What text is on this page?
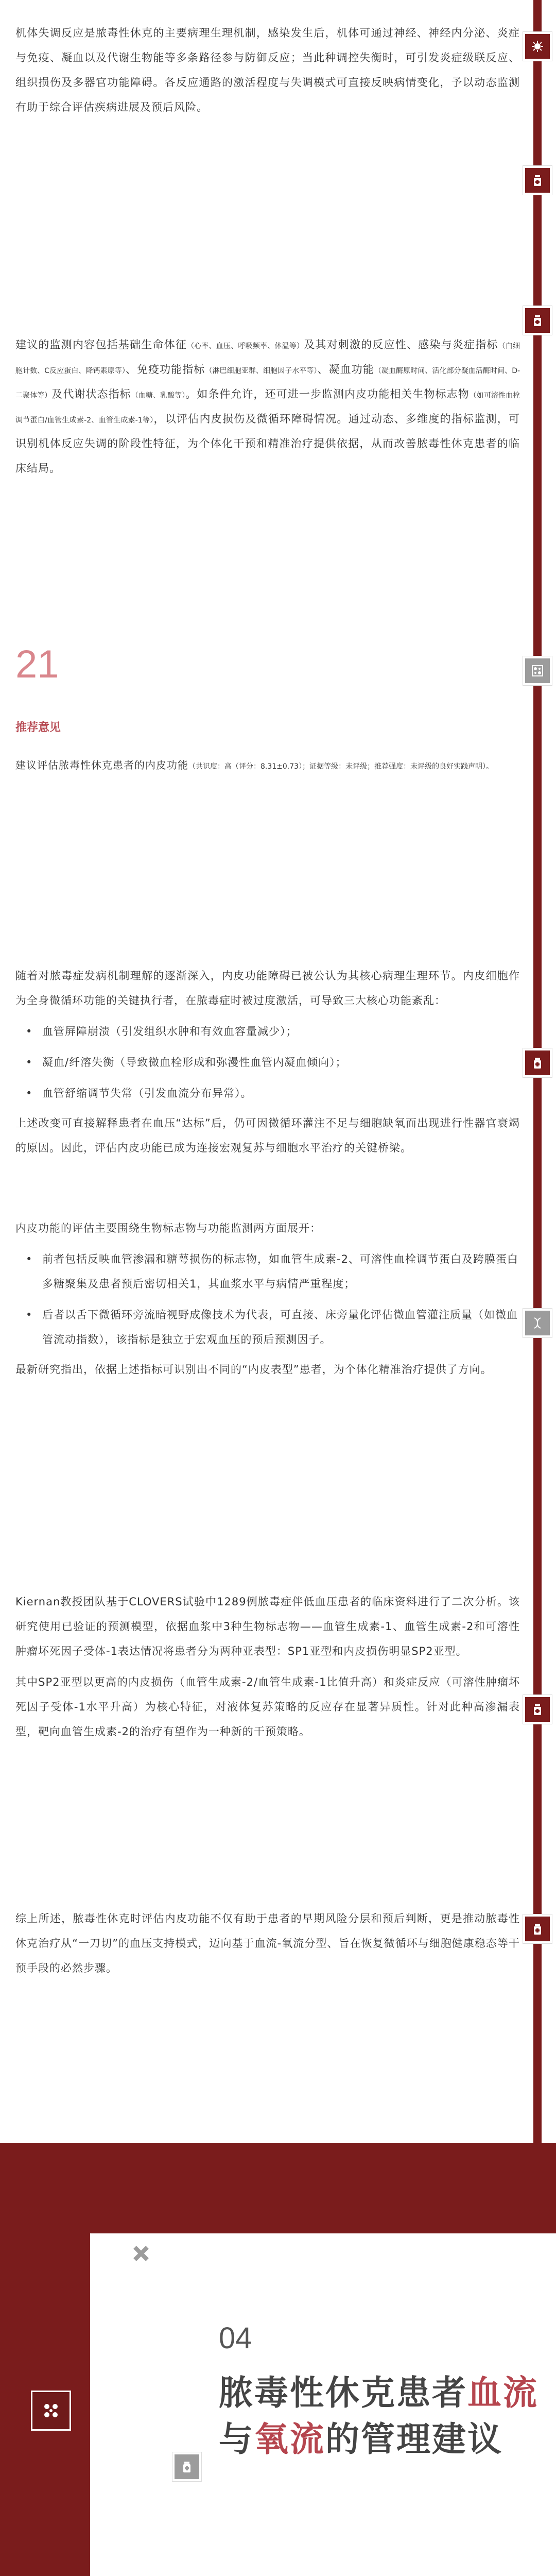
机体失调反应是脓毒性休克的主要病理生理机制，感染发生后，机体可通过神经、神经内分泌、炎症与免疫、凝血以及代谢生物能等多条路径参与防御反应；当此种调控失衡时，可引发炎症级联反应、组织损伤及多器官功能障碍。各反应通路的激活程度与失调模式可直接反映病情变化，予以动态监测有助于综合评估疾病进展及预后风险。

建议的监测内容包括基础生命体征（心率、血压、呼吸频率、体温等）及其对刺激的反应性、感染与炎症指标（白细胞计数、C反应蛋白、降钙素原等）、免疫功能指标（淋巴细胞亚群、细胞因子水平等）、凝血功能（凝血酶原时间、活化部分凝血活酶时间、D-二聚体等）及代谢状态指标（血糖、乳酸等）。如条件允许，还可进一步监测内皮功能相关生物标志物（如可溶性血栓调节蛋白/血管生成素-2、血管生成素-1等），以评估内皮损伤及微循环障碍情况。通过动态、多维度的指标监测，可识别机体反应失调的阶段性特征，为个体化干预和精准治疗提供依据，从而改善脓毒性休克患者的临床结局。

21
推荐意见

建议评估脓毒性休克患者的内皮功能（共识度：高（评分：8.31±0.73）；证据等级：未评级；推荐强度：未评级的良好实践声明）。

随着对脓毒症发病机制理解的逐渐深入，内皮功能障碍已被公认为其核心病理生理环节。内皮细胞作为全身微循环功能的关键执行者，在脓毒症时被过度激活，可导致三大核心功能紊乱：

• 血管屏障崩溃（引发组织水肿和有效血容量减少）；
• 凝血/纤溶失衡（导致微血栓形成和弥漫性血管内凝血倾向）；
• 血管舒缩调节失常（引发血流分布异常）。

上述改变可直接解释患者在血压“达标”后，仍可因微循环灌注不足与细胞缺氧而出现进行性器官衰竭的原因。因此，评估内皮功能已成为连接宏观复苏与细胞水平治疗的关键桥梁。

内皮功能的评估主要围绕生物标志物与功能监测两方面展开：

• 前者包括反映血管渗漏和糖萼损伤的标志物，如血管生成素-2、可溶性血栓调节蛋白及跨膜蛋白多糖聚集及患者预后密切相关1，其血浆水平与病情严重程度；
• 后者以舌下微循环旁流暗视野成像技术为代表，可直接、床旁量化评估微血管灌注质量（如微血管流动指数），该指标是独立于宏观血压的预后预测因子。

最新研究指出，依据上述指标可识别出不同的“内皮表型”患者，为个体化精准治疗提供了方向。

Kiernan教授团队基于CLOVERS试验中1289例脓毒症伴低血压患者的临床资料进行了二次分析。该研究使用已验证的预测模型，依据血浆中3种生物标志物——血管生成素-1、血管生成素-2和可溶性肿瘤坏死因子受体-1表达情况将患者分为两种亚表型：SP1亚型和内皮损伤明显SP2亚型。

其中SP2亚型以更高的内皮损伤（血管生成素-2/血管生成素-1比值升高）和炎症反应（可溶性肿瘤坏死因子受体-1水平升高）为核心特征，对液体复苏策略的反应存在显著异质性。针对此种高渗漏表型，靶向血管生成素-2的治疗有望作为一种新的干预策略。

综上所述，脓毒性休克时评估内皮功能不仅有助于患者的早期风险分层和预后判断，更是推动脓毒性休克治疗从“一刀切”的血压支持模式，迈向基于血流-氧流分型、旨在恢复微循环与细胞健康稳态等干预手段的必然步骤。

04
脓毒性休克患者血流
与氧流的管理建议
